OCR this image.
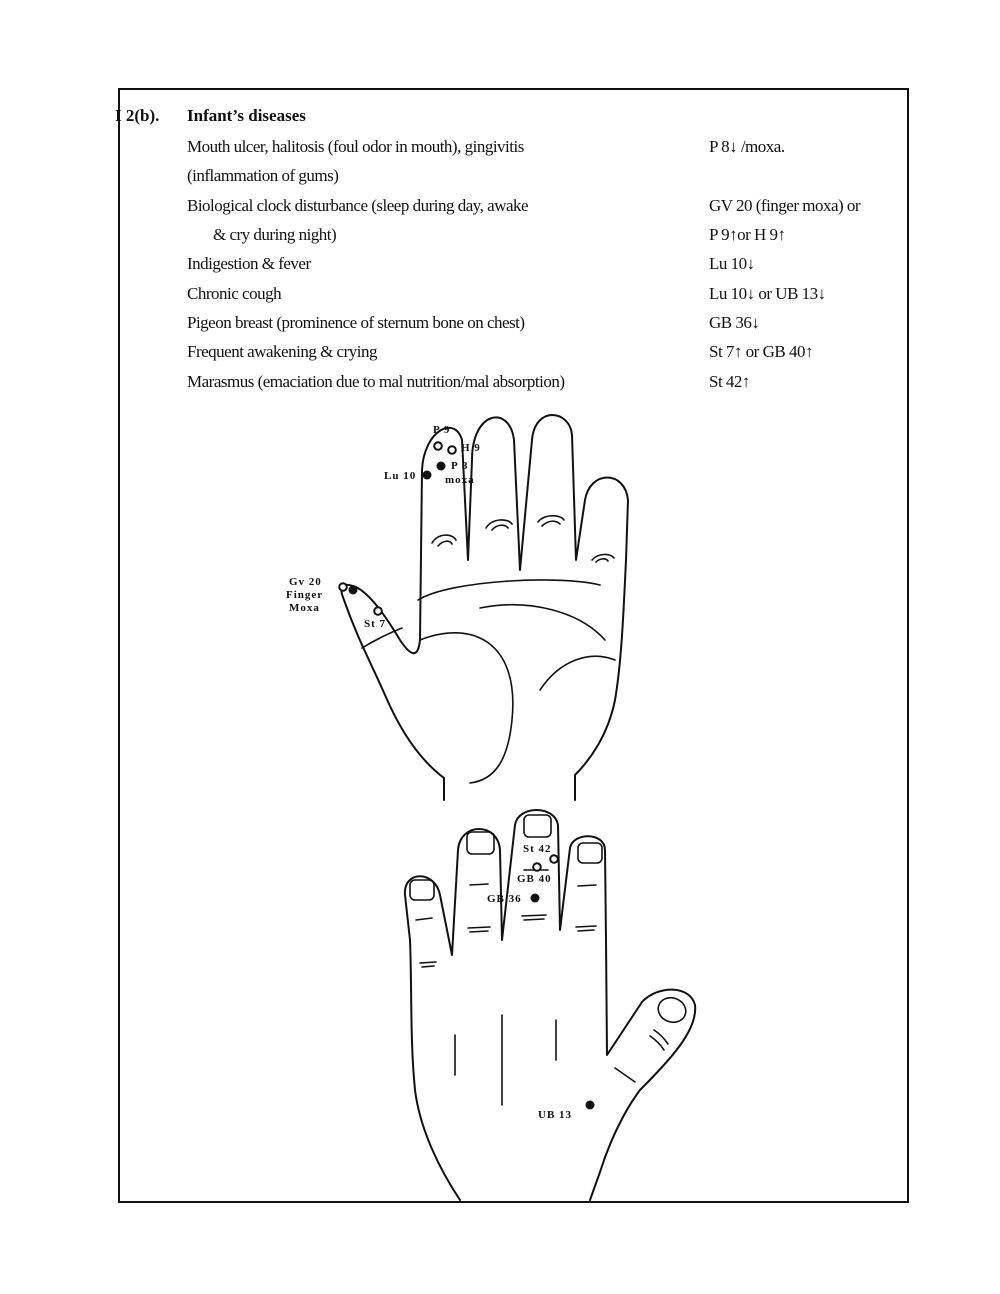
I 2(b). Infant’s diseases
Mouth ulcer, halitosis (foul odor in mouth), gingivitis	P 8↓ /moxa.
(inflammation of gums)
Biological clock disturbance (sleep during day, awake	GV 20 (finger moxa) or
& cry during night)	P 9↑or H 9↑
Indigestion & fever	Lu 10↓
Chronic cough	Lu 10↓ or UB 13↓
Pigeon breast (prominence of sternum bone on chest)	GB 36↓
Frequent awakening & crying	St 7↑ or GB 40↑
Marasmus (emaciation due to mal nutrition/mal absorption)	St 42↑
P 9
H 9
P 8
moxa
Lu 10
Gv 20
Finger
Moxa
St 7
St 42
GB 40
GB 36
UB 13
